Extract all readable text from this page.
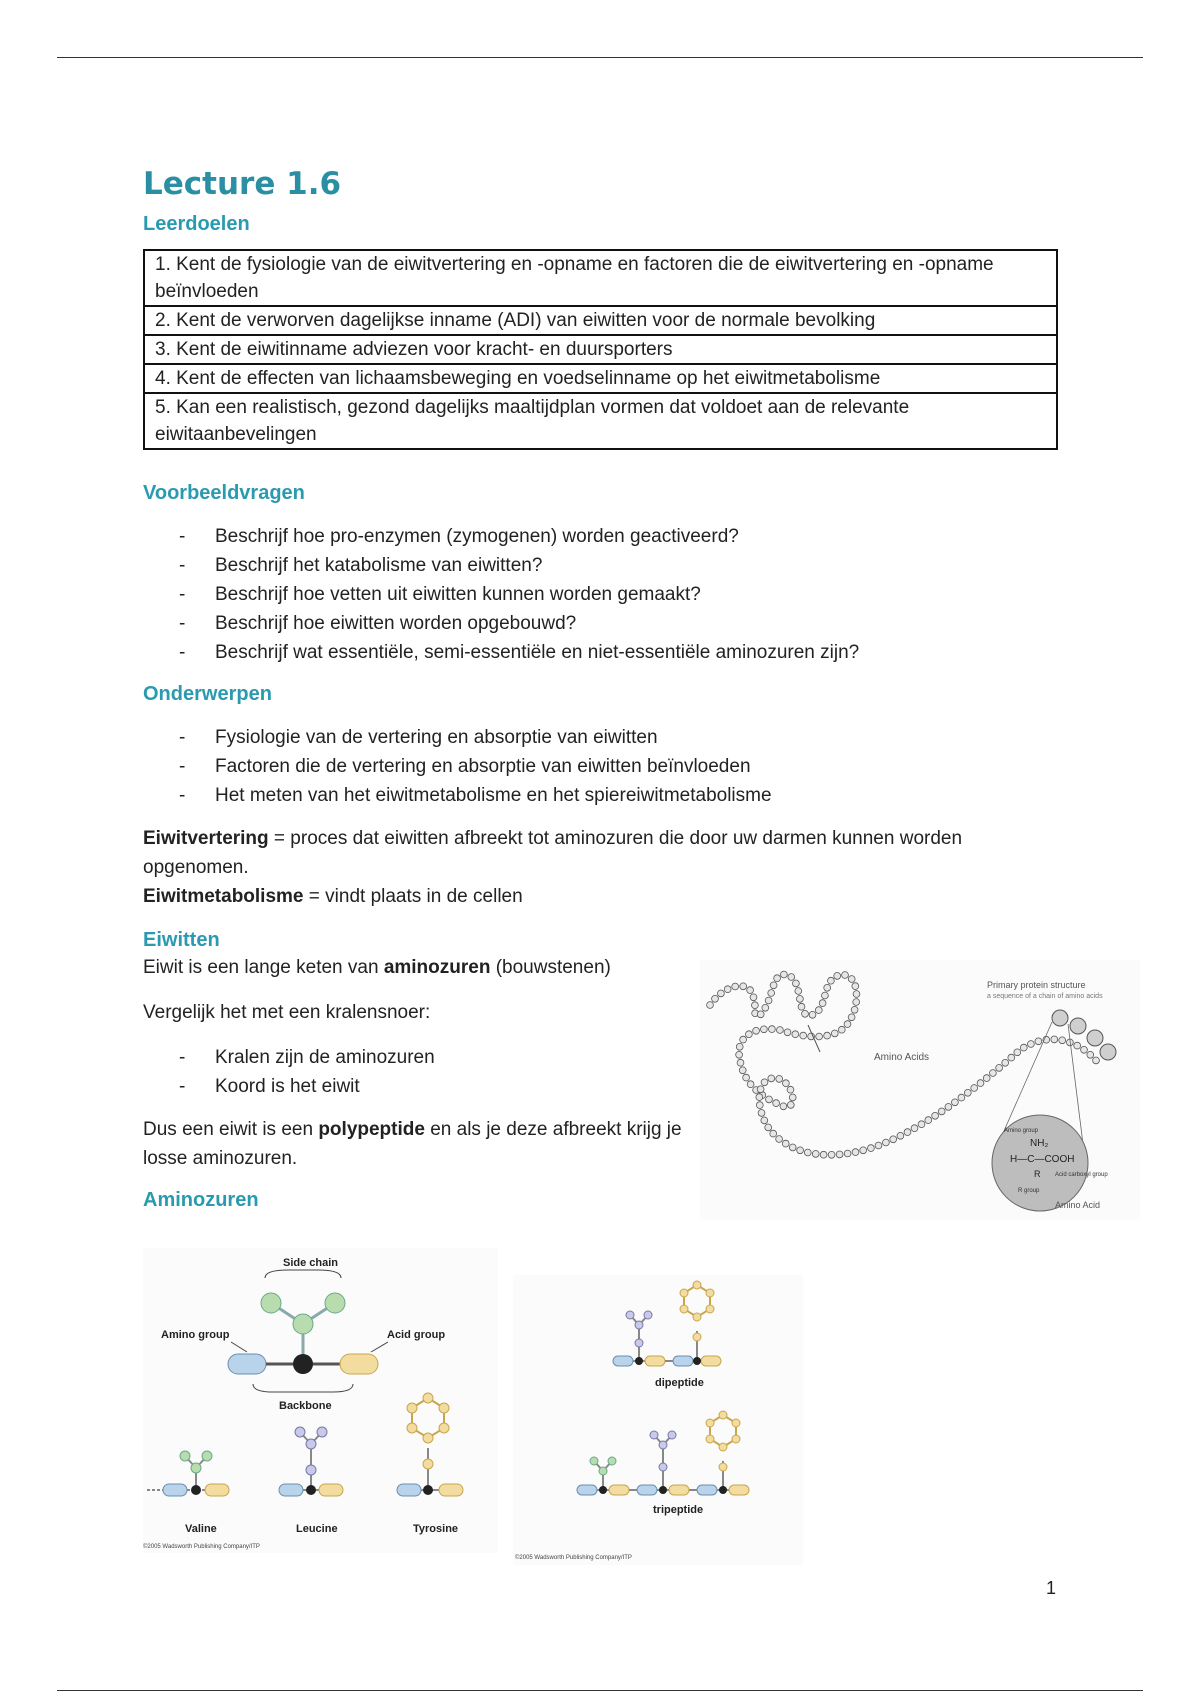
Lecture 1.6
Leerdoelen
1. Kent de fysiologie van de eiwitvertering en -opname en factoren die de eiwitvertering en -opname beïnvloeden
2. Kent de verworven dagelijkse inname (ADI) van eiwitten voor de normale bevolking
3. Kent de eiwitinname adviezen voor kracht- en duursporters
4. Kent de effecten van lichaamsbeweging en voedselinname op het eiwitmetabolisme
5. Kan een realistisch, gezond dagelijks maaltijdplan vormen dat voldoet aan de relevante eiwitaanbevelingen
Voorbeeldvragen
- Beschrijf hoe pro-enzymen (zymogenen) worden geactiveerd?
- Beschrijf het katabolisme van eiwitten?
- Beschrijf hoe vetten uit eiwitten kunnen worden gemaakt?
- Beschrijf hoe eiwitten worden opgebouwd?
- Beschrijf wat essentiële, semi-essentiële en niet-essentiële aminozuren zijn?
Onderwerpen
- Fysiologie van de vertering en absorptie van eiwitten
- Factoren die de vertering en absorptie van eiwitten beïnvloeden
- Het meten van het eiwitmetabolisme en het spiereiwitmetabolisme

Eiwitvertering = proces dat eiwitten afbreekt tot aminozuren die door uw darmen kunnen worden opgenomen.

Eiwitmetabolisme = vindt plaats in de cellen

Eiwitten

Eiwit is een lange keten van aminozuren (bouwstenen)

Vergelijk het met een kralensnoer:

- Kralen zijn de aminozuren
- Koord is het eiwit

Dus een eiwit is een polypeptide en als je deze afbreekt krijg je losse aminozuren.

Aminozuren
Amino Acids
Primary protein structure
a sequence of a chain of amino acids
Amino group
NH₂
H—C—COOH
R Acid carboxyl group
R group
Amino Acid
Side chain
Amino group	Acid group
Backbone
Valine	Leucine	Tyrosine
©2005 Wadsworth Publishing Company/ITP
dipeptide
tripeptide
©2005 Wadsworth Publishing Company/ITP
1
